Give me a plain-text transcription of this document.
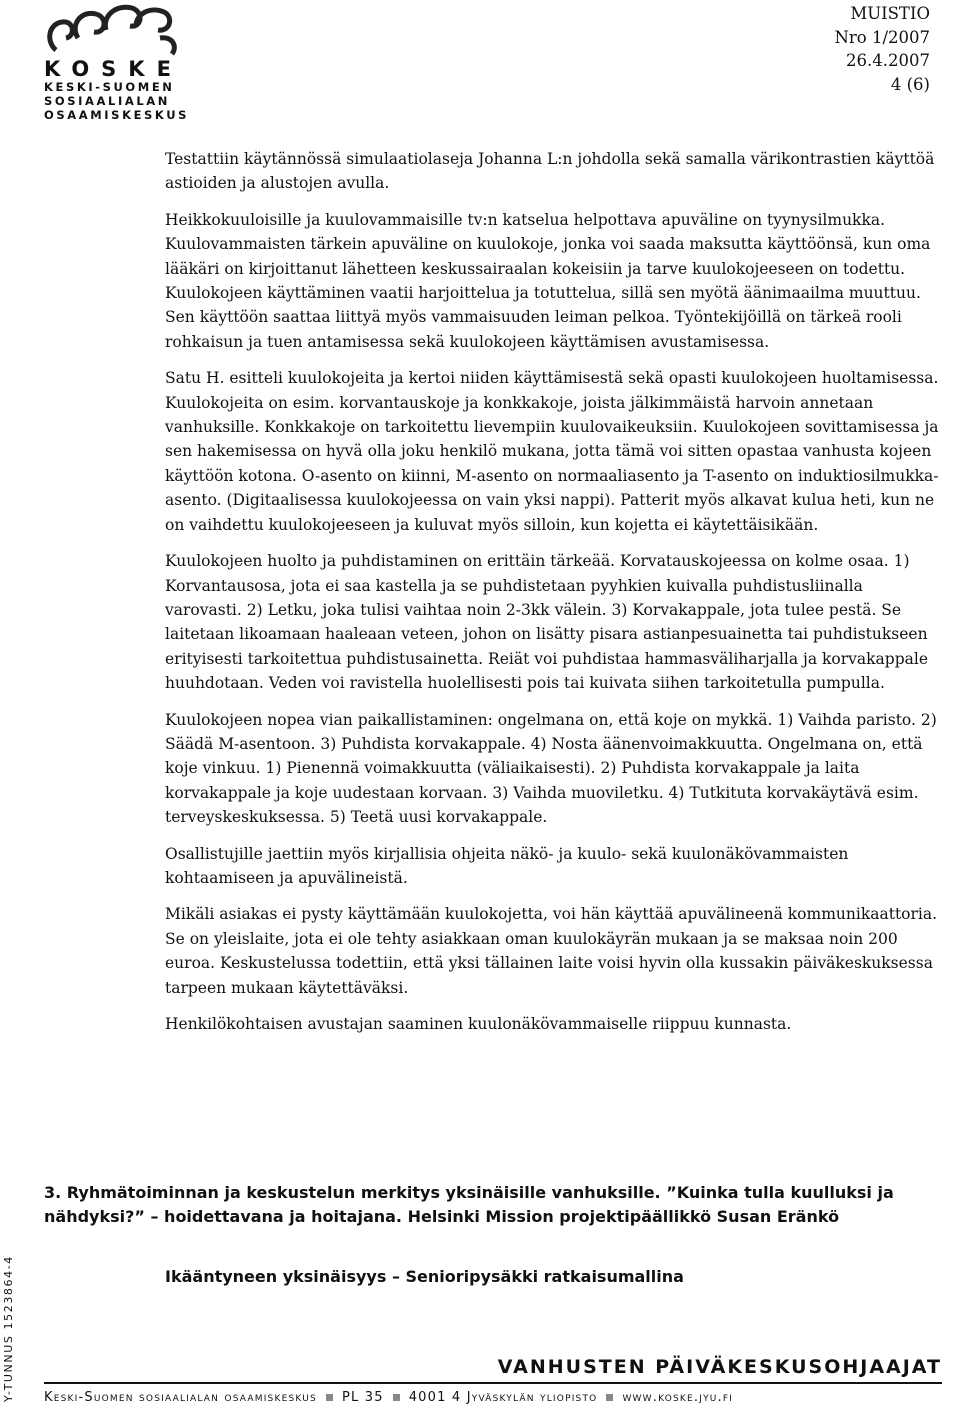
KOSKE
KESKI-SUOMEN
SOSIAALIALAN
OSAAMISKESKUS
MUISTIO
Nro 1/2007
26.4.2007
4 (6)

Testattiin käytännössä simulaatiolaseja Johanna L:n johdolla sekä samalla värikontrastien käyttöä astioiden ja alustojen avulla.

Heikkokuuloisille ja kuulovammaisille tv:n katselua helpottava apuväline on tyynysilmukka. Kuulovammaisten tärkein apuväline on kuulokoje, jonka voi saada maksutta käyttöönsä, kun oma lääkäri on kirjoittanut lähetteen keskussairaalan kokeisiin ja tarve kuulokojeeseen on todettu. Kuulokojeen käyttäminen vaatii harjoittelua ja totuttelua, sillä sen myötä äänimaailma muuttuu. Sen käyttöön saattaa liittyä myös vammaisuuden leiman pelkoa. Työntekijöillä on tärkeä rooli rohkaisun ja tuen antamisessa sekä kuulokojeen käyttämisen avustamisessa.

Satu H. esitteli kuulokojeita ja kertoi niiden käyttämisestä sekä opasti kuulokojeen huoltamisessa. Kuulokojeita on esim. korvantauskoje ja konkkakoje, joista jälkimmäistä harvoin annetaan vanhuksille. Konkkakoje on tarkoitettu lievempiin kuulovaikeuksiin. Kuulokojeen sovittamisessa ja sen hakemisessa on hyvä olla joku henkilö mukana, jotta tämä voi sitten opastaa vanhusta kojeen käyttöön kotona. O-asento on kiinni, M-asento on normaaliasento ja T-asento on induktiosilmukka-asento. (Digitaalisessa kuulokojeessa on vain yksi nappi). Patterit myös alkavat kulua heti, kun ne on vaihdettu kuulokojeeseen ja kuluvat myös silloin, kun kojetta ei käytettäisikään.

Kuulokojeen huolto ja puhdistaminen on erittäin tärkeää. Korvatauskojeessa on kolme osaa. 1) Korvantausosa, jota ei saa kastella ja se puhdistetaan pyyhkien kuivalla puhdistusliinalla varovasti. 2) Letku, joka tulisi vaihtaa noin 2-3kk välein. 3) Korvakappale, jota tulee pestä. Se laitetaan likoamaan haaleaan veteen, johon on lisätty pisara astianpesuainetta tai puhdistukseen erityisesti tarkoitettua puhdistusainetta. Reiät voi puhdistaa hammasväliharjalla ja korvakappale huuhdotaan. Veden voi ravistella huolellisesti pois tai kuivata siihen tarkoitetulla pumpulla.

Kuulokojeen nopea vian paikallistaminen: ongelmana on, että koje on mykkä. 1) Vaihda paristo. 2) Säädä M-asentoon. 3) Puhdista korvakappale. 4) Nosta äänenvoimakkuutta. Ongelmana on, että koje vinkuu. 1) Pienennä voimakkuutta (väliaikaisesti). 2) Puhdista korvakappale ja laita korvakappale ja koje uudestaan korvaan. 3) Vaihda muoviletku. 4) Tutkituta korvakäytävä esim. terveyskeskuksessa. 5) Teetä uusi korvakappale.

Osallistujille jaettiin myös kirjallisia ohjeita näkö- ja kuulo- sekä kuulonäkövammaisten kohtaamiseen ja apuvälineistä.

Mikäli asiakas ei pysty käyttämään kuulokojetta, voi hän käyttää apuvälineenä kommunikaattoria. Se on yleislaite, jota ei ole tehty asiakkaan oman kuulokäyrän mukaan ja se maksaa noin 200 euroa. Keskustelussa todettiin, että yksi tällainen laite voisi hyvin olla kussakin päiväkeskuksessa tarpeen mukaan käytettäväksi.

Henkilökohtaisen avustajan saaminen kuulonäkövammaiselle riippuu kunnasta.

3. Ryhmätoiminnan ja keskustelun merkitys yksinäisille vanhuksille. ”Kuinka tulla kuulluksi ja nähdyksi?” – hoidettavana ja hoitajana. Helsinki Mission projektipäällikkö Susan Eränkö
Ikääntyneen yksinäisyys – Senioripysäkki ratkaisumallina
Y-TUNNUS 1523864-4	VANHUSTEN PÄIVÄKESKUSOHJAAJAT
Keski-Suomen sosiaalialan osaamiskeskus PL 35 4001 4 Jyväskylän yliopisto www.koske.jyu.fi
